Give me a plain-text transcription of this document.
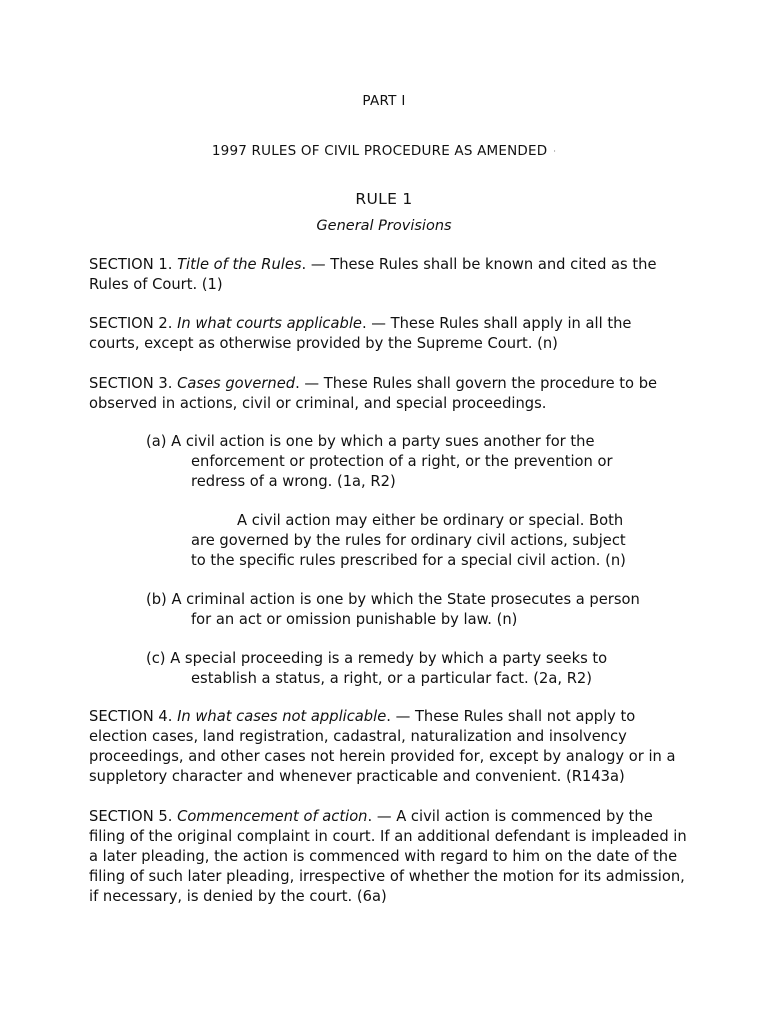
PART I
1997 RULES OF CIVIL PROCEDURE AS AMENDED ·
RULE 1
General Provisions
SECTION 1. Title of the Rules. — These Rules shall be known and cited as the
Rules of Court. (1)
SECTION 2. In what courts applicable. — These Rules shall apply in all the
courts, except as otherwise provided by the Supreme Court. (n)
SECTION 3. Cases governed. — These Rules shall govern the procedure to be
observed in actions, civil or criminal, and special proceedings.
(a) A civil action is one by which a party sues another for the
enforcement or protection of a right, or the prevention or
redress of a wrong. (1a, R2)
A civil action may either be ordinary or special. Both
are governed by the rules for ordinary civil actions, subject
to the specific rules prescribed for a special civil action. (n)
(b) A criminal action is one by which the State prosecutes a person
for an act or omission punishable by law. (n)
(c) A special proceeding is a remedy by which a party seeks to
establish a status, a right, or a particular fact. (2a, R2)
SECTION 4. In what cases not applicable. — These Rules shall not apply to
election cases, land registration, cadastral, naturalization and insolvency
proceedings, and other cases not herein provided for, except by analogy or in a
suppletory character and whenever practicable and convenient. (R143a)
SECTION 5. Commencement of action. — A civil action is commenced by the
filing of the original complaint in court. If an additional defendant is impleaded in
a later pleading, the action is commenced with regard to him on the date of the
filing of such later pleading, irrespective of whether the motion for its admission,
if necessary, is denied by the court. (6a)
